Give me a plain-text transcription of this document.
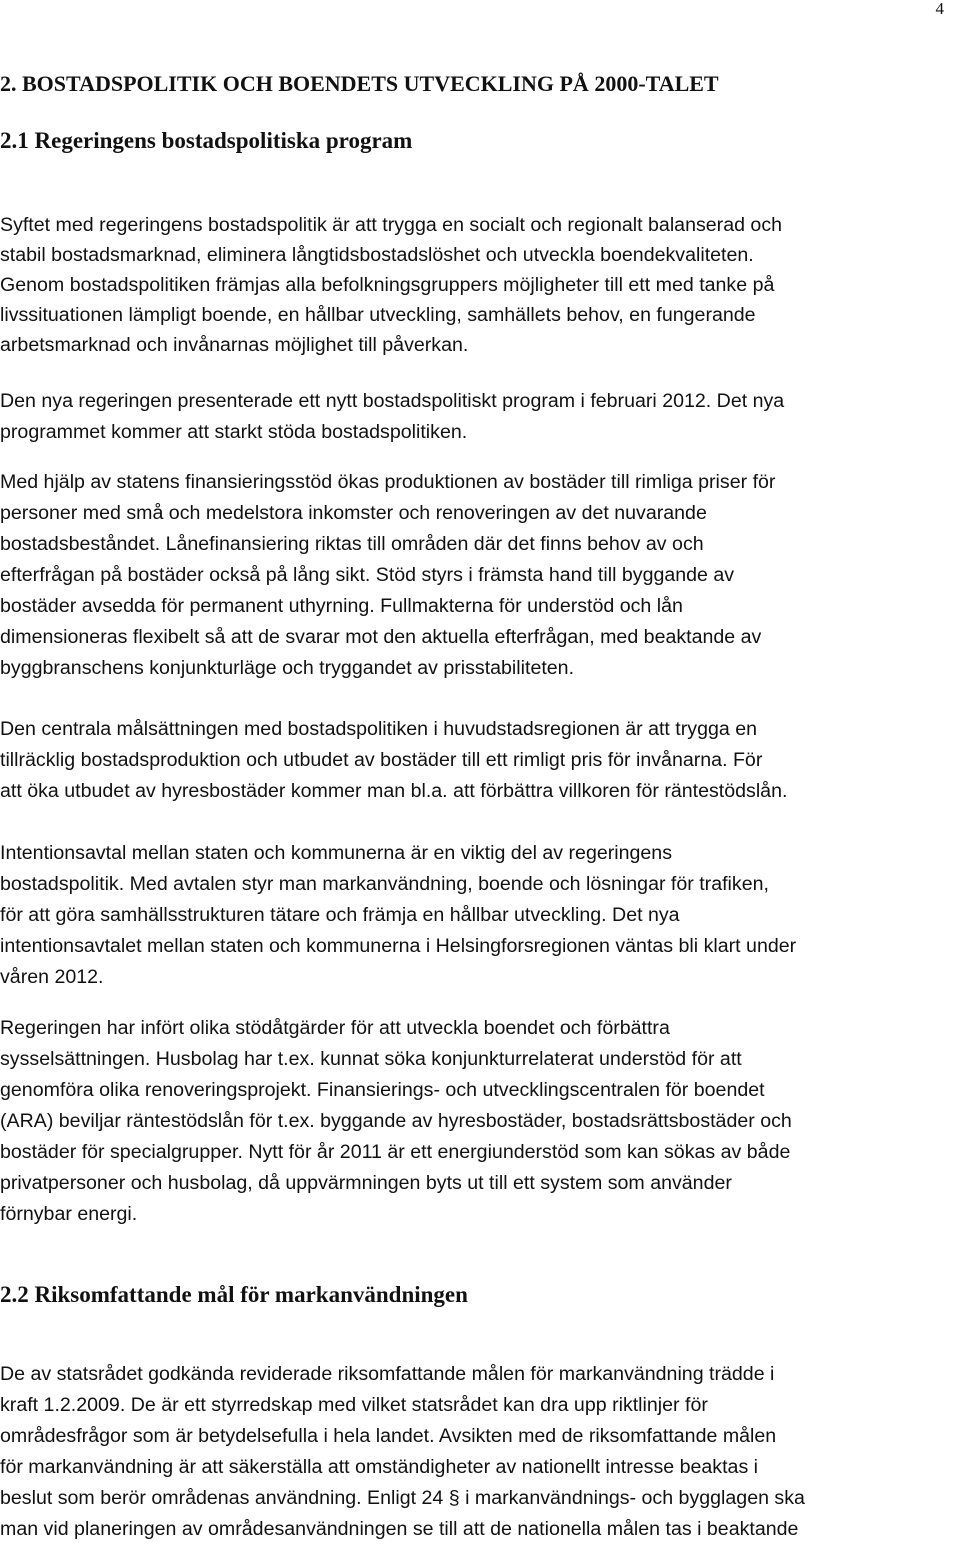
4
2. BOSTADSPOLITIK OCH BOENDETS UTVECKLING PÅ 2000-TALET
2.1 Regeringens bostadspolitiska program
Syftet med regeringens bostadspolitik är att trygga en socialt och regionalt balanserad och
stabil bostadsmarknad, eliminera långtidsbostadslöshet och utveckla boendekvaliteten.
Genom bostadspolitiken främjas alla befolkningsgruppers möjligheter till ett med tanke på
livssituationen lämpligt boende, en hållbar utveckling, samhällets behov, en fungerande
arbetsmarknad och invånarnas möjlighet till påverkan.
Den nya regeringen presenterade ett nytt bostadspolitiskt program i februari 2012. Det nya
programmet kommer att starkt stöda bostadspolitiken.
Med hjälp av statens finansieringsstöd ökas produktionen av bostäder till rimliga priser för
personer med små och medelstora inkomster och renoveringen av det nuvarande
bostadsbeståndet. Lånefinansiering riktas till områden där det finns behov av och
efterfrågan på bostäder också på lång sikt. Stöd styrs i främsta hand till byggande av
bostäder avsedda för permanent uthyrning. Fullmakterna för understöd och lån
dimensioneras flexibelt så att de svarar mot den aktuella efterfrågan, med beaktande av
byggbranschens konjunkturläge och tryggandet av prisstabiliteten.
Den centrala målsättningen med bostadspolitiken i huvudstadsregionen är att trygga en
tillräcklig bostadsproduktion och utbudet av bostäder till ett rimligt pris för invånarna. För
att öka utbudet av hyresbostäder kommer man bl.a. att förbättra villkoren för räntestödslån.
Intentionsavtal mellan staten och kommunerna är en viktig del av regeringens
bostadspolitik. Med avtalen styr man markanvändning, boende och lösningar för trafiken,
för att göra samhällsstrukturen tätare och främja en hållbar utveckling. Det nya
intentionsavtalet mellan staten och kommunerna i Helsingforsregionen väntas bli klart under
våren 2012.
Regeringen har infört olika stödåtgärder för att utveckla boendet och förbättra
sysselsättningen. Husbolag har t.ex. kunnat söka konjunkturrelaterat understöd för att
genomföra olika renoveringsprojekt. Finansierings- och utvecklingscentralen för boendet
(ARA) beviljar räntestödslån för t.ex. byggande av hyresbostäder, bostadsrättsbostäder och
bostäder för specialgrupper. Nytt för år 2011 är ett energiunderstöd som kan sökas av både
privatpersoner och husbolag, då uppvärmningen byts ut till ett system som använder
förnybar energi.
2.2 Riksomfattande mål för markanvändningen
De av statsrådet godkända reviderade riksomfattande målen för markanvändning trädde i
kraft 1.2.2009. De är ett styrredskap med vilket statsrådet kan dra upp riktlinjer för
områdesfrågor som är betydelsefulla i hela landet. Avsikten med de riksomfattande målen
för markanvändning är att säkerställa att omständigheter av nationellt intresse beaktas i
beslut som berör områdenas användning. Enligt 24 § i markanvändnings- och bygglagen ska
man vid planeringen av områdesanvändningen se till att de nationella målen tas i beaktande
